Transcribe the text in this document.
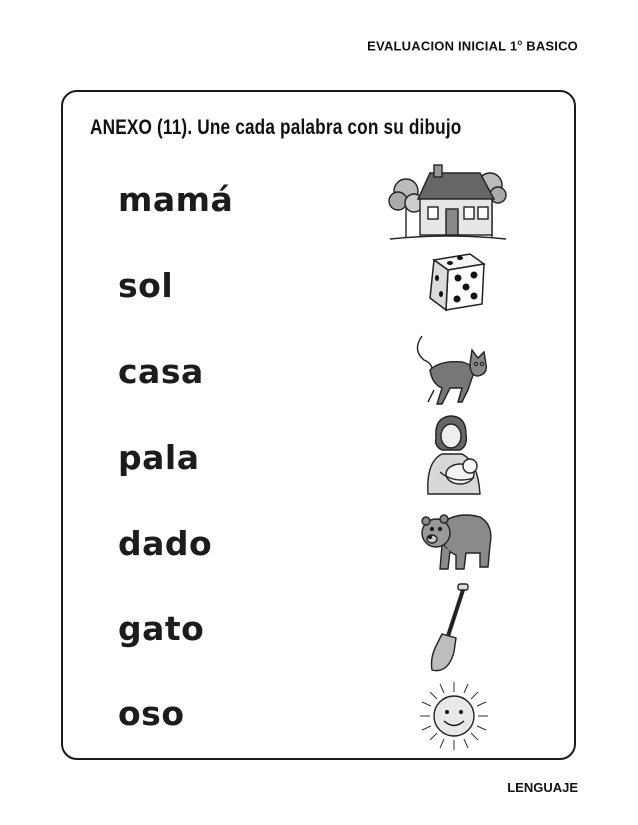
EVALUACION INICIAL 1$^o$ BASICO
ANEXO (11). Une cada palabra con su dibujo
mamá
sol
casa
pala
dado
gato
oso
LENGUAJE
